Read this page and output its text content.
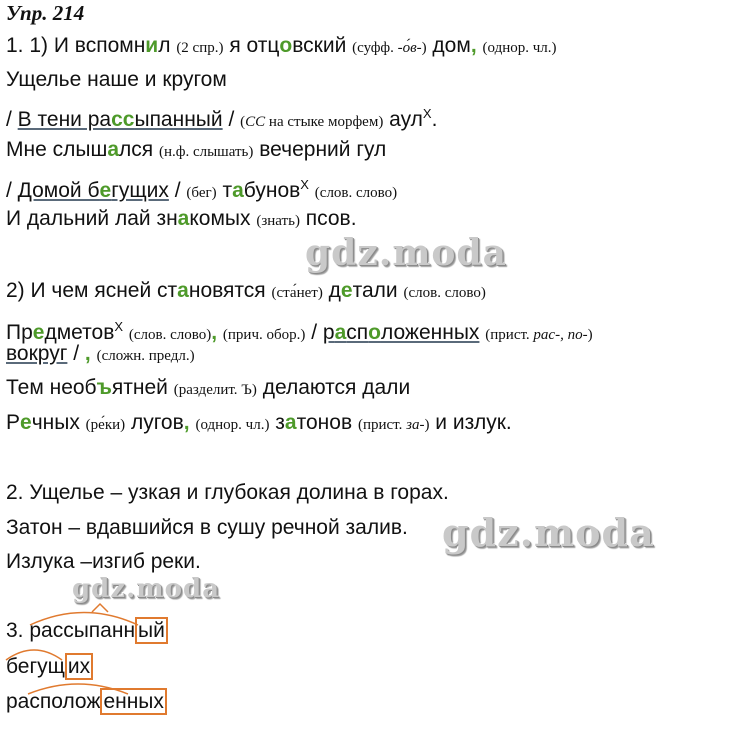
Упр. 214
1. 1) И вспомнил (2 спр.) я отцовский (суфф. -о́в-) дом, (однор. чл.)
Ущелье наше и кругом
/ В тени рассыпанный / (СС на стыке морфем) аул$^X$.
Мне слышался (н.ф. слышать) вечерний гул
/ Домой бегущих / (бег) табунов$^X$ (слов. слово)
И дальний лай знакомых (знать) псов.
gdz.moda
2) И чем ясней становятся (ста́нет) детали (слов. слово)
Предметов$^X$ (слов. слово), (прич. обор.) / расположенных (прист. рас-, по-)
вокруг / , (сложн. предл.)
Тем необъятней (разделит. Ъ) делаются дали
Речных (ре́ки) лугов, (однор. чл.) затонов (прист. за-) и излук.
2. Ущелье – узкая и глубокая долина в горах.
Затон – вдавшийся в сушу речной залив. gdz.moda
Излука –изгиб реки.
gdz.moda
3. рассыпанн ый
бегущ их
располож енных
